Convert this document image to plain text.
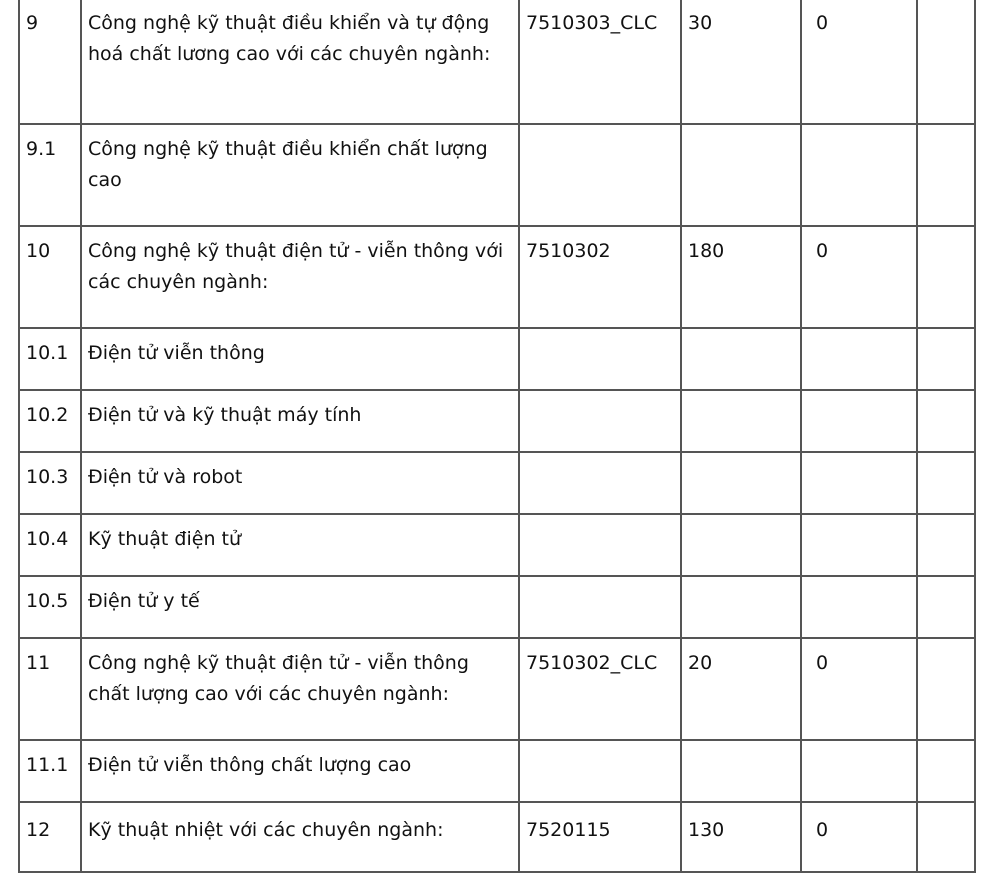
9	Công nghệ kỹ thuật điều khiển và tự động hoá chất lương cao với các chuyên ngành:	7510303_CLC	30	0	
9.1	Công nghệ kỹ thuật điều khiển chất lượng cao				
10	Công nghệ kỹ thuật điện tử - viễn thông với các chuyên ngành:	7510302	180	0	
10.1	Điện tử viễn thông				
10.2	Điện tử và kỹ thuật máy tính				
10.3	Điện tử và robot				
10.4	Kỹ thuật điện tử				
10.5	Điện tử y tế				
11	Công nghệ kỹ thuật điện tử - viễn thông chất lượng cao với các chuyên ngành:	7510302_CLC	20	0	
11.1	Điện tử viễn thông chất lượng cao				
12	Kỹ thuật nhiệt với các chuyên ngành:	7520115	130	0	
